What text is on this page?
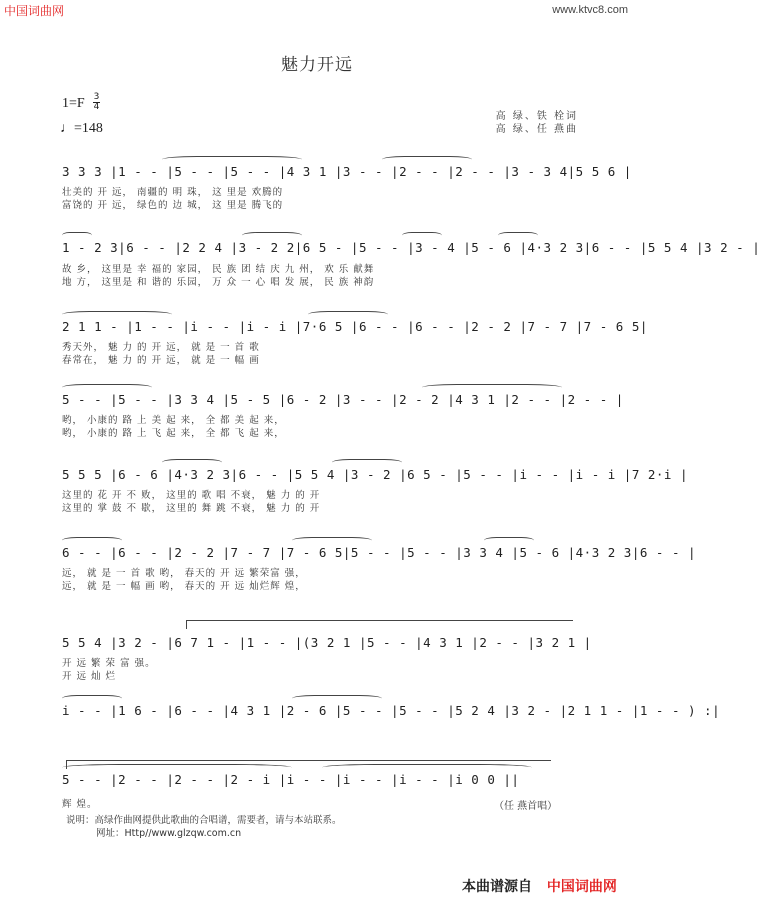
中国词曲网	www.ktvc8.com
魅力开远
1=F 3
4
♩=148
高 绿、铁 栓词
高 绿、任 燕曲
3 3 3 |1 - - |5 - - |5 - - |4 3 1 |3 - - |2 - - |2 - - |3 - 3 4|5 5 6 |
壮美的 开 远， 南疆的 明 珠， 这 里是 欢腾的
富饶的 开 远， 绿色的 边 城， 这 里是 腾飞的
1 - 2 3|6 - - |2 2 4 |3 - 2 2|6 5 - |5 - - |3 - 4 |5 - 6 |4·3 2 3|6 - - |5 5 4 |3 2 - |
故 乡， 这里是 幸 福的 家园， 民 族 团 结 庆 九 州， 欢 乐 献舞
地 方， 这里是 和 谐的 乐园， 万 众 一 心 唱 发 展， 民 族 神韵
2 1 1 - |1 - - |i - - |i - i |7·6 5 |6 - - |6 - - |2 - 2 |7 - 7 |7 - 6 5|
秀天外， 魅 力 的 开 远， 就 是 一 首 歌
春常在， 魅 力 的 开 远， 就 是 一 幅 画
5 - - |5 - - |3 3 4 |5 - 5 |6 - 2 |3 - - |2 - 2 |4 3 1 |2 - - |2 - - |
哟， 小康的 路 上 美 起 来， 全 都 美 起 来，
哟， 小康的 路 上 飞 起 来， 全 都 飞 起 来，
5 5 5 |6 - 6 |4·3 2 3|6 - - |5 5 4 |3 - 2 |6 5 - |5 - - |i - - |i - i |7 2·i |
这里的 花 开 不 败， 这里的 歌 唱 不衰， 魅 力 的 开
这里的 掌 鼓 不 歇， 这里的 舞 跳 不衰， 魅 力 的 开
6 - - |6 - - |2 - 2 |7 - 7 |7 - 6 5|5 - - |5 - - |3 3 4 |5 - 6 |4·3 2 3|6 - - |
远， 就 是 一 首 歌 哟， 春天的 开 远 繁荣富 强，
远， 就 是 一 幅 画 哟， 春天的 开 远 灿烂辉 煌，
5 5 4 |3 2 - |6 7 1 - |1 - - |(3 2 1 |5 - - |4 3 1 |2 - - |3 2 1 |
开 远 繁 荣 富 强。
开 远 灿 烂
i - - |1 6 - |6 - - |4 3 1 |2 - 6 |5 - - |5 - - |5 2 4 |3 2 - |2 1 1 - |1 - - ) :|
5 - - |2 - - |2 - - |2 - i |i - - |i - - |i - - |i 0 0 ||
辉 煌。	（任 燕首唱）
说明：高绿作曲网提供此歌曲的合唱谱，需要者，请与本站联系。
网址：Http//www.glzqw.com.cn
本曲谱源自 中国词曲网
